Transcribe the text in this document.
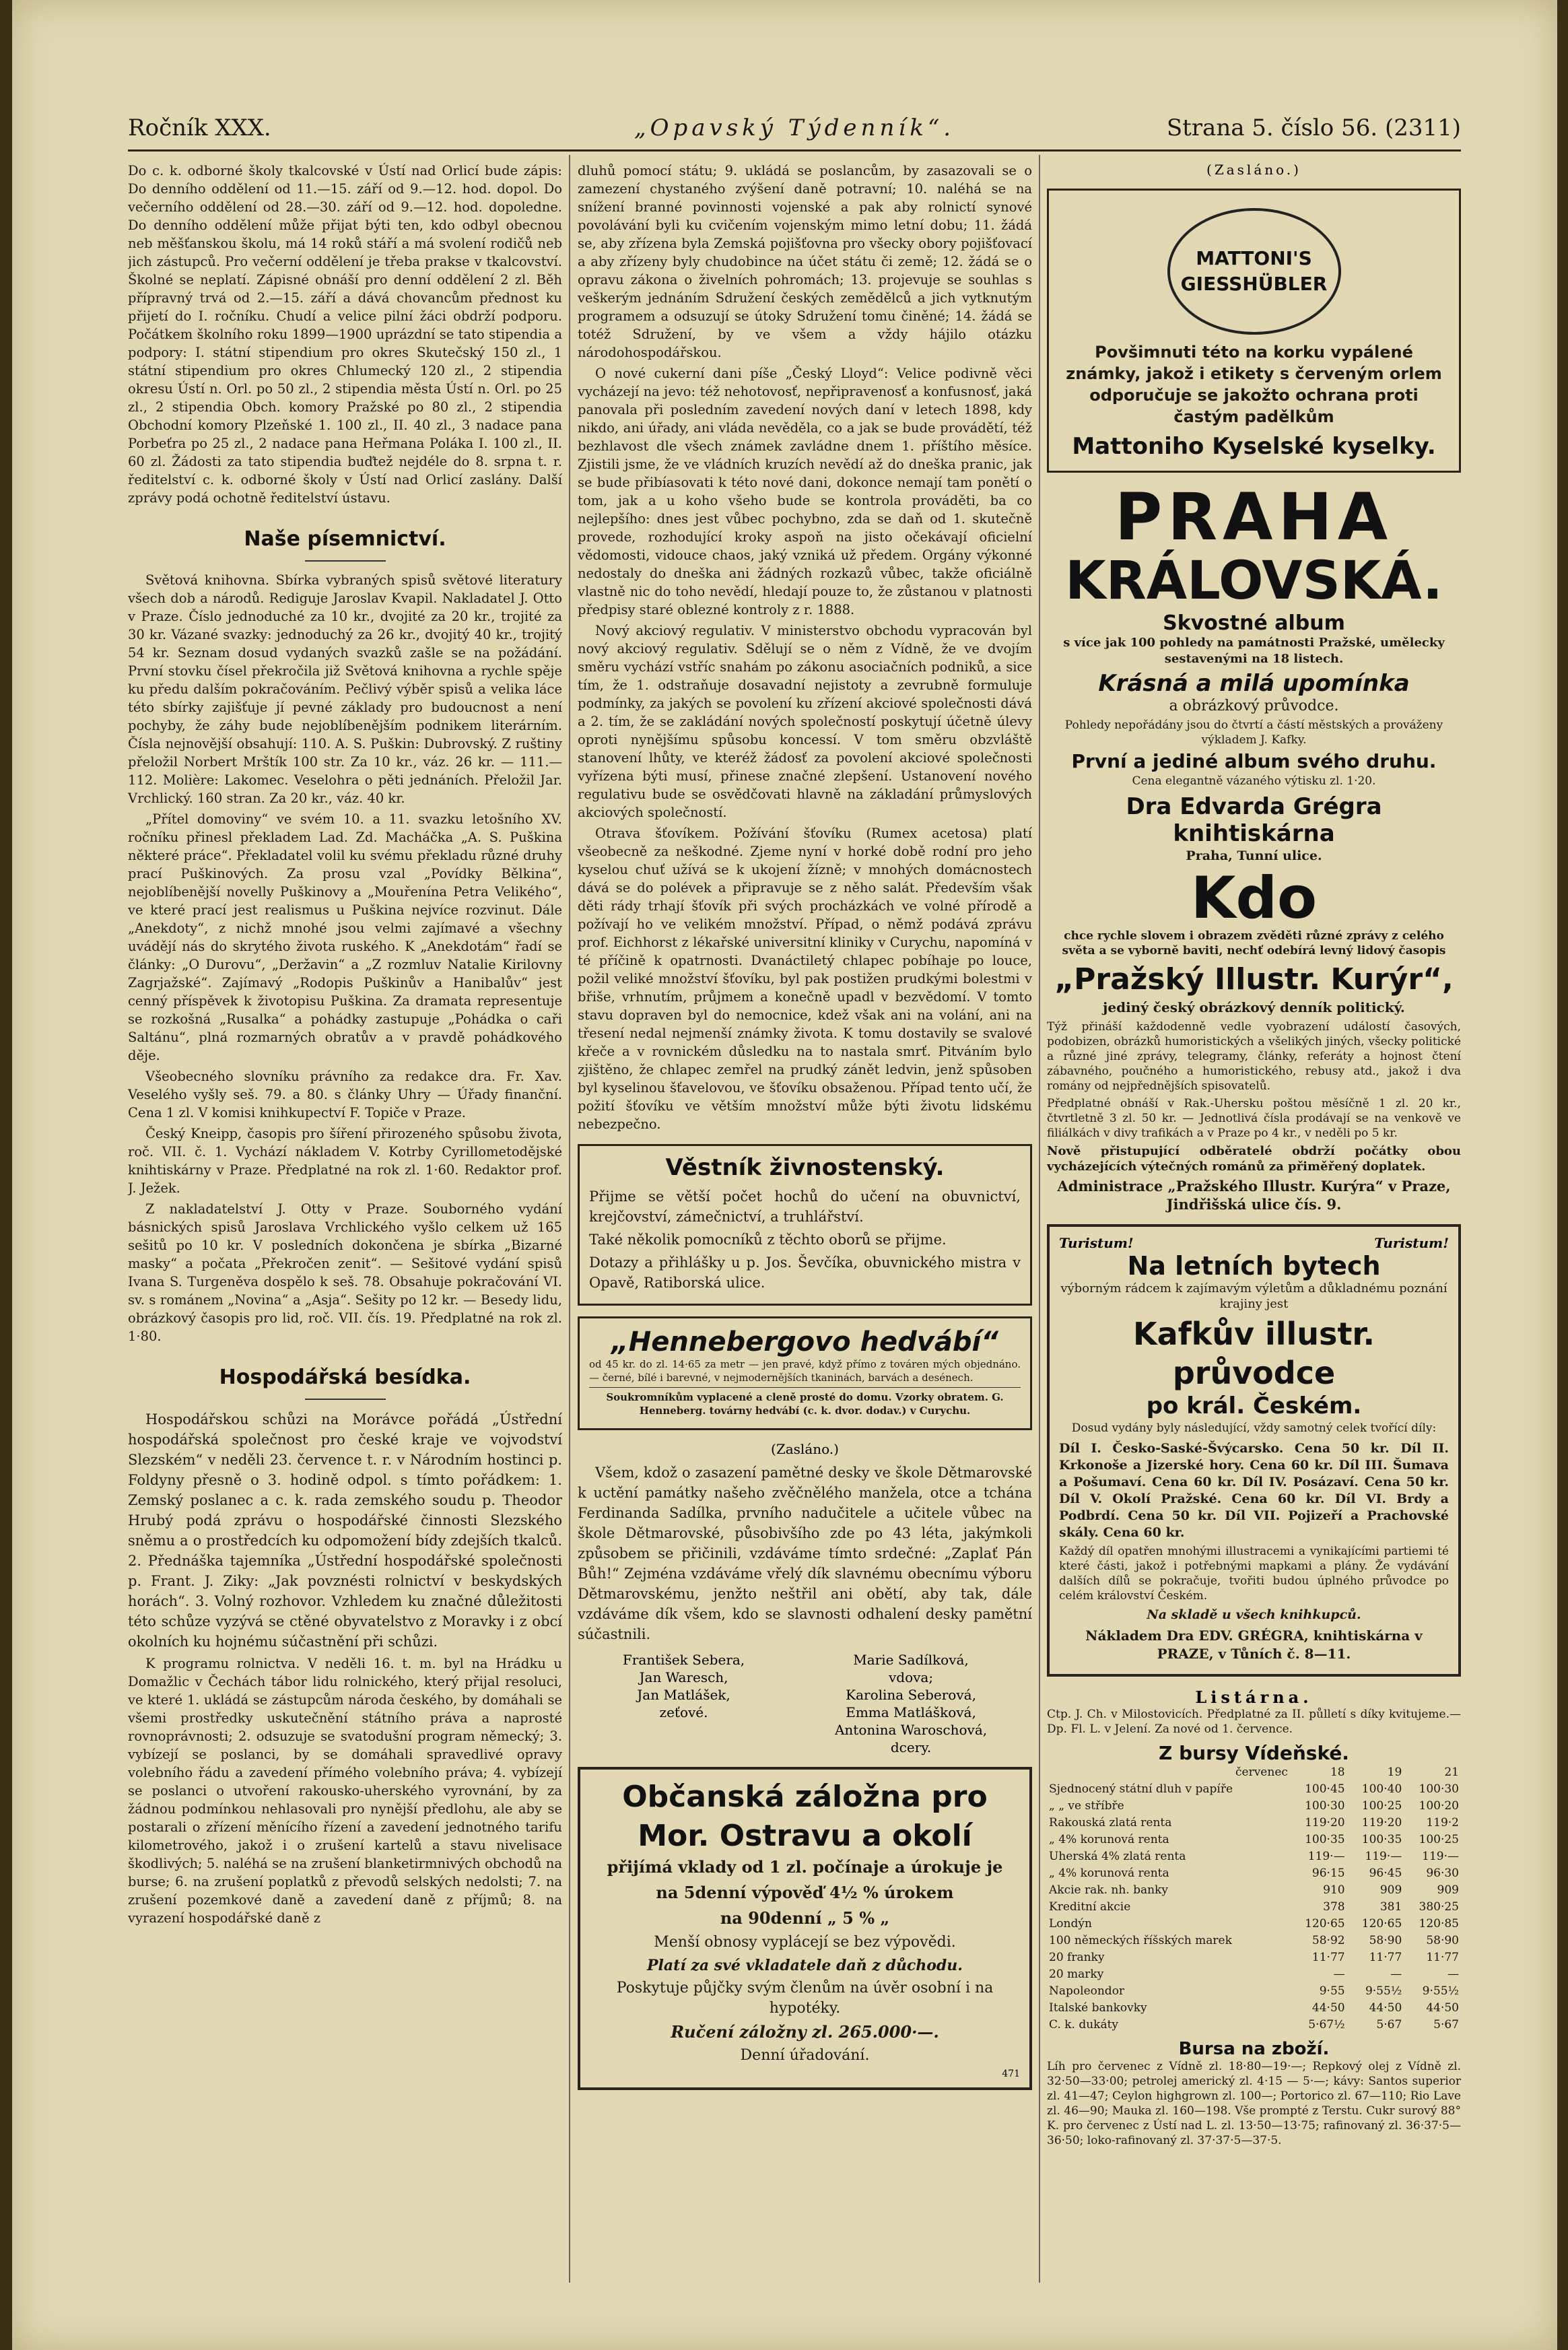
Ročník XXX.	„Opavský Týdenník“.	Strana 5. číslo 56. (2311)

Do c. k. odborné školy tkalcovské v Ústí nad Orlicí bude zápis: Do denního oddělení od 11.—15. září od 9.—12. hod. dopol. Do večerního oddělení od 28.—30. září od 9.—12. hod. dopoledne. Do denního oddělení může přijat býti ten, kdo odbyl obecnou neb měšťanskou školu, má 14 roků stáří a má svolení rodičů neb jich zástupců. Pro večerní oddělení je třeba prakse v tkalcovství. Školné se neplatí. Zápisné obnáší pro denní oddělení 2 zl. Běh přípravný trvá od 2.—15. září a dává chovancům přednost ku přijetí do I. ročníku. Chudí a velice pilní žáci obdrží podporu. Počátkem školního roku 1899—1900 uprázdní se tato stipendia a podpory: I. státní stipendium pro okres Skutečský 150 zl., 1 státní stipendium pro okres Chlumecký 120 zl., 2 stipendia okresu Ústí n. Orl. po 50 zl., 2 stipendia města Ústí n. Orl. po 25 zl., 2 stipendia Obch. komory Pražské po 80 zl., 2 stipendia Obchodní komory Plzeňské 1. 100 zl., II. 40 zl., 3 nadace pana Porbeťra po 25 zl., 2 nadace pana Heřmana Poláka I. 100 zl., II. 60 zl. Žádosti za tato stipendia buďtež nejdéle do 8. srpna t. r. ředitelství c. k. odborné školy v Ústí nad Orlicí zaslány. Další zprávy podá ochotně ředitelství ústavu.

Naše písemnictví.

Světová knihovna. Sbírka vybraných spisů světové literatury všech dob a národů. Rediguje Jaroslav Kvapil. Nakladatel J. Otto v Praze. Číslo jednoduché za 10 kr., dvojité za 20 kr., trojité za 30 kr. Vázané svazky: jednoduchý za 26 kr., dvojitý 40 kr., trojitý 54 kr. Seznam dosud vydaných svazků zašle se na požádání. První stovku čísel překročila již Světová knihovna a rychle spěje ku předu dalším pokračováním. Pečlivý výběr spisů a velika láce této sbírky zajišťuje jí pevné základy pro budoucnost a není pochyby, že záhy bude nejoblíbenějším podnikem literárním. Čísla nejnovější obsahují: 110. A. S. Puškin: Dubrovský. Z ruštiny přeložil Norbert Mrštík 100 str. Za 10 kr., váz. 26 kr. — 111.—112. Molière: Lakomec. Veselohra o pěti jednáních. Přeložil Jar. Vrchlický. 160 stran. Za 20 kr., váz. 40 kr.

„Přítel domoviny“ ve svém 10. a 11. svazku letošního XV. ročníku přinesl překladem Lad. Zd. Macháčka „A. S. Puškina některé práce“. Překladatel volil ku svému překladu různé druhy prací Puškinových. Za prosu vzal „Povídky Bělkina“, nejoblíbenější novelly Puškinovy a „Mouřenína Petra Velikého“, ve které prací jest realismus u Puškina nejvíce rozvinut. Dále „Anekdoty“, z nichž mnohé jsou velmi zajímavé a všechny uvádějí nás do skrytého života ruského. K „Anekdotám“ řadí se články: „O Durovu“, „Deržavin“ a „Z rozmluv Natalie Kirilovny Zagrjažské“. Zajímavý „Rodopis Puškinův a Hanibalův“ jest cenný příspěvek k životopisu Puškina. Za dramata representuje se rozkošná „Rusalka“ a pohádky zastupuje „Pohádka o caři Saltánu“, plná rozmarných obratův a v pravdě pohádkového děje.

Všeobecného slovníku právního za redakce dra. Fr. Xav. Veselého vyšly seš. 79. a 80. s články Uhry — Úřady finanční. Cena 1 zl. V komisi knihkupectví F. Topiče v Praze.

Český Kneipp, časopis pro šíření přirozeného spůsobu života, roč. VII. č. 1. Vychází nákladem V. Kotrby Cyrillometodějské knihtiskárny v Praze. Předplatné na rok zl. 1·60. Redaktor prof. J. Ježek.

Z nakladatelství J. Otty v Praze. Souborného vydání básnických spisů Jaroslava Vrchlického vyšlo celkem už 165 sešitů po 10 kr. V posledních dokončena je sbírka „Bizarné masky“ a počata „Překročen zenit“. — Sešitové vydání spisů Ivana S. Turgeněva dospělo k seš. 78. Obsahuje pokračování VI. sv. s románem „Novina“ a „Asja“. Sešity po 12 kr. — Besedy lidu, obrázkový časopis pro lid, roč. VII. čís. 19. Předplatné na rok zl. 1·80.

Hospodářská besídka.

Hospodářskou schůzi na Morávce pořádá „Ústřední hospodářská společnost pro české kraje ve vojvodství Slezském“ v neděli 23. července t. r. v Národním hostinci p. Foldyny přesně o 3. hodině odpol. s tímto pořádkem: 1. Zemský poslanec a c. k. rada zemského soudu p. Theodor Hrubý podá zprávu o hospodářské činnosti Slezského sněmu a o prostředcích ku odpomožení bídy zdejších tkalců. 2. Přednáška tajemníka „Ústřední hospodářské společnosti p. Frant. J. Ziky: „Jak povznésti rolnictví v beskydských horách“. 3. Volný rozhovor. Vzhledem ku značné důležitosti této schůze vyzývá se ctěné obyvatelstvo z Moravky i z obcí okolních ku hojnému súčastnění při schůzi.

K programu rolnictva. V neděli 16. t. m. byl na Hrádku u Domažlic v Čechách tábor lidu rolnického, který přijal resoluci, ve které 1. ukládá se zástupcům národa českého, by domáhali se všemi prostředky uskutečnění státního práva a naprosté rovnoprávnosti; 2. odsuzuje se svatodušní program německý; 3. vybízejí se poslanci, by se domáhali spravedlivé opravy volebního řádu a zavedení přímého volebního práva; 4. vybízejí se poslanci o utvoření rakousko-uherského vyrovnání, by za žádnou podmínkou nehlasovali pro nynější předlohu, ale aby se postarali o zřízení měnícího řízení a zavedení jednotného tarifu kilometrového, jakož i o zrušení kartelů a stavu nivelisace škodlivých; 5. naléhá se na zrušení blanketirmnivých obchodů na burse; 6. na zrušení poplatků z převodů selských nedolsti; 7. na zrušení pozemkové daně a zavedení daně z příjmů; 8. na vyrazení hospodářské daně z

dluhů pomocí státu; 9. ukládá se poslancům, by zasazovali se o zamezení chystaného zvýšení daně potravní; 10. naléhá se na snížení branné povinnosti vojenské a pak aby rolnictí synové povolávání byli ku cvičením vojenským mimo letní dobu; 11. žádá se, aby zřízena byla Zemská pojišťovna pro všecky obory pojišťovací a aby zřízeny byly chudobince na účet státu či země; 12. žádá se o opravu zákona o živelních pohromách; 13. projevuje se souhlas s veškerým jednáním Sdružení českých zemědělců a jich vytknutým programem a odsuzují se útoky Sdružení tomu činěné; 14. žádá se totéž Sdružení, by ve všem a vždy hájilo otázku národohospodářskou.

O nové cukerní dani píše „Český Lloyd“: Velice podivně věci vycházejí na jevo: též nehotovosť, nepřipravenosť a konfusnosť, jaká panovala při posledním zavedení nových daní v letech 1898, kdy nikdo, ani úřady, ani vláda nevěděla, co a jak se bude provádětí, též bezhlavost dle všech známek zavládne dnem 1. příštího měsíce. Zjistili jsme, že ve vládních kruzích nevědí až do dneška pranic, jak se bude přibíasovati k této nové dani, dokonce nemají tam ponětí o tom, jak a u koho všeho bude se kontrola prováděti, ba co nejlepšího: dnes jest vůbec pochybno, zda se daň od 1. skutečně provede, rozhodující kroky aspoň na jisto očekávají oficielní vědomosti, vidouce chaos, jaký vzniká už předem. Orgány výkonné nedostaly do dneška ani žádných rozkazů vůbec, takže oficiálně vlastně nic do toho nevědí, hledají pouze to, že zůstanou v platnosti předpisy staré oblezné kontroly z r. 1888.

Nový akciový regulativ. V ministerstvo obchodu vypracován byl nový akciový regulativ. Sdělují se o něm z Vídně, že ve dvojím směru vychází vstříc snahám po zákonu asociačních podniků, a sice tím, že 1. odstraňuje dosavadní nejistoty a zevrubně formuluje podmínky, za jakých se povolení ku zřízení akciové společnosti dává a 2. tím, že se zakládání nových společností poskytují účetně úlevy oproti nynějšímu spůsobu koncessí. V tom směru obzvláště stanovení lhůty, ve kteréž žádosť za povolení akciové společnosti vyřízena býti musí, přinese značné zlepšení. Ustanovení nového regulativu bude se osvědčovati hlavně na základání průmyslových akciových společností.

Otrava šťovíkem. Požívání šťovíku (Rumex acetosa) platí všeobecně za neškodné. Zjeme nyní v horké době rodní pro jeho kyselou chuť užívá se k ukojení žízně; v mnohých domácnostech dává se do polévek a připravuje se z něho salát. Především však děti rády trhají šťovík při svých procházkách ve volné přírodě a požívají ho ve velikém množství. Případ, o němž podává zprávu prof. Eichhorst z lékařské universitní kliniky v Curychu, napomíná v té příčině k opatrnosti. Dvanáctiletý chlapec pobíhaje po louce, požil veliké množství šťovíku, byl pak postižen prudkými bolestmi v břiše, vrhnutím, průjmem a konečně upadl v bezvědomí. V tomto stavu dopraven byl do nemocnice, kdež však ani na volání, ani na třesení nedal nejmenší známky života. K tomu dostavily se svalové křeče a v rovnickém důsledku na to nastala smrť. Pitváním bylo zjištěno, že chlapec zemřel na prudký zánět ledvin, jenž spůsoben byl kyselinou šťavelovou, ve šťovíku obsaženou. Případ tento učí, že požití šťovíku ve větším množství může býti životu lidskému nebezpečno.

Věstník živnostenský.

Přijme se větší počet hochů do učení na obuvnictví, krejčovství, zámečnictví, a truhlářství.

Také několik pomocníků z těchto oborů se přijme.

Dotazy a přihlášky u p. Jos. Ševčíka, obuvnického mistra v Opavě, Ratiborská ulice.

„Hennebergovo hedvábí“

od 45 kr. do zl. 14·65 za metr — jen pravé, když přímo z továren mých objednáno. — černé, bílé i barevné, v nejmodernějších tkaninách, barvách a desénech.

Soukromníkům vyplacené a cleně prosté do domu. Vzorky obratem. G. Henneberg. továrny hedvábí (c. k. dvor. dodav.) v Curychu.

(Zasláno.)

Všem, kdož o zasazení pamětné desky ve škole Dětmarovské k uctění památky našeho zvěčnělého manžela, otce a tchána Ferdinanda Sadílka, prvního nadučitele a učitele vůbec na škole Dětmarovské, působivšího zde po 43 léta, jakýmkoli způsobem se přičinili, vzdáváme tímto srdečné: „Zaplať Pán Bůh!“ Zejména vzdáváme vřelý dík slavnému obecnímu výboru Dětmarovskému, jenžto neštřil ani obětí, aby tak, dále vzdáváme dík všem, kdo se slavnosti odhalení desky pamětní súčastnili.

František Sebera,
Jan Waresch,
Jan Matlášek,
zeťové.
Marie Sadílková,
vdova;
Karolina Seberová,
Emma Matlášková,
Antonina Waroschová,
dcery.
Občanská záložna pro Mor. Ostravu a okolí

přijímá vklady od 1 zl. počínaje a úrokuje je

na 5denní výpověď 4½ % úrokem

na 90denní „ 5 % „

Menší obnosy vyplácejí se bez výpovědi.

Platí za své vkladatele daň z důchodu.

Poskytuje půjčky svým členům na úvěr osobní i na hypotéky.

Ručení záložny zl. 265.000·—.

Denní úřadování.

471
(Zasláno.)
MATTONI'S GIESSHÜBLER

Povšimnuti této na korku vypálené známky, jakož i etikety s červeným orlem odporučuje se jakožto ochrana proti častým padělkům

Mattoniho Kyselské kyselky.
PRAHA
KRÁLOVSKÁ.
Skvostné album

s více jak 100 pohledy na památnosti Pražské, umělecky sestavenými na 18 listech.

Krásná a milá upomínka

a obrázkový průvodce.

Pohledy nepořádány jsou do čtvrtí a částí městských a prováženy výkladem J. Kafky.

První a jediné album svého druhu.

Cena elegantně vázaného výtisku zl. 1·20.

Dra Edvarda Grégra knihtiskárna

Praha, Tunní ulice.

Kdo

chce rychle slovem i obrazem zvěděti různé zprávy z celého světa a se vyborně baviti, nechť odebírá levný lidový časopis

„Pražský Illustr. Kurýr“,

jediný český obrázkový denník politický.

Týž přináší každodenně vedle vyobrazení událostí časových, podobizen, obrázků humoristických a všelikých jiných, všecky politické a různé jiné zprávy, telegramy, články, referáty a hojnost čtení zábavného, poučného a humoristického, rebusy atd., jakož i dva romány od nejpřednějších spisovatelů.

Předplatné obnáší v Rak.-Uhersku poštou měsíčně 1 zl. 20 kr., čtvrtletně 3 zl. 50 kr. — Jednotlivá čísla prodávají se na venkově ve filiálkách v divy trafikách a v Praze po 4 kr., v neděli po 5 kr.

Nově přistupující odběratelé obdrží počátky obou vycházejících výtečných románů za přiměřený doplatek.

Administrace „Pražského Illustr. Kurýra“ v Praze, Jindřišská ulice čís. 9.

Turistum!	Turistum!
Na letních bytech

výborným rádcem k zajímavým výletům a důkladnému poznání krajiny jest

Kafkův illustr. průvodce
po král. Českém.

Dosud vydány byly následující, vždy samotný celek tvořící díly:

Díl I. Česko-Saské-Švýcarsko. Cena 50 kr. Díl II. Krkonoše a Jizerské hory. Cena 60 kr. Díl III. Šumava a Pošumaví. Cena 60 kr. Díl IV. Posázaví. Cena 50 kr. Díl V. Okolí Pražské. Cena 60 kr. Díl VI. Brdy a Podbrdí. Cena 50 kr. Díl VII. Pojizeří a Prachovské skály. Cena 60 kr.

Každý díl opatřen mnohými illustracemi a vynikajícími partiemi té které části, jakož i potřebnými mapkami a plány. Že vydávání dalších dílů se pokračuje, tvořiti budou úplného průvodce po celém království Českém.

Na skladě u všech knihkupců.

Nákladem Dra EDV. GRÉGRA, knihtiskárna v PRAZE, v Tůních č. 8—11.

Listárna.

Ctp. J. Ch. v Milostovicích. Předplatné za II. půlletí s díky kvitujeme.— Dp. Fl. L. v Jelení. Za nové od 1. července.

Z bursy Vídeňské.
červenec	18	19	21
Sjednocený státní dluh v papíře	100·45	100·40	100·30
„ „ ve stříbře	100·30	100·25	100·20
Rakouská zlatá renta	119·20	119·20	119·2
„ 4% korunová renta	100·35	100·35	100·25
Uherská 4% zlatá renta	119·—	119·—	119·—
„ 4% korunová renta	96·15	96·45	96·30
Akcie rak. nh. banky	910	909	909
Kreditní akcie	378	381	380·25
Londýn	120·65	120·65	120·85
100 německých říšských marek	58·92	58·90	58·90
20 franky	11·77	11·77	11·77
20 marky	—	—	—
Napoleondor	9·55	9·55½	9·55½
Italské bankovky	44·50	44·50	44·50
C. k. dukáty	5·67½	5·67	5·67
Bursa na zboží.

Líh pro červenec z Vídně zl. 18·80—19·—; Repkový olej z Vídně zl. 32·50—33·00; petrolej americký zl. 4·15 — 5·—; kávy: Santos superior zl. 41—47; Ceylon highgrown zl. 100—; Portorico zl. 67—110; Rio Lave zl. 46—90; Mauka zl. 160—198. Vše prompté z Terstu. Cukr surový 88° K. pro červenec z Ústí nad L. zl. 13·50—13·75; rafinovaný zl. 36·37·5—36·50; loko-rafinovaný zl. 37·37·5—37·5.
